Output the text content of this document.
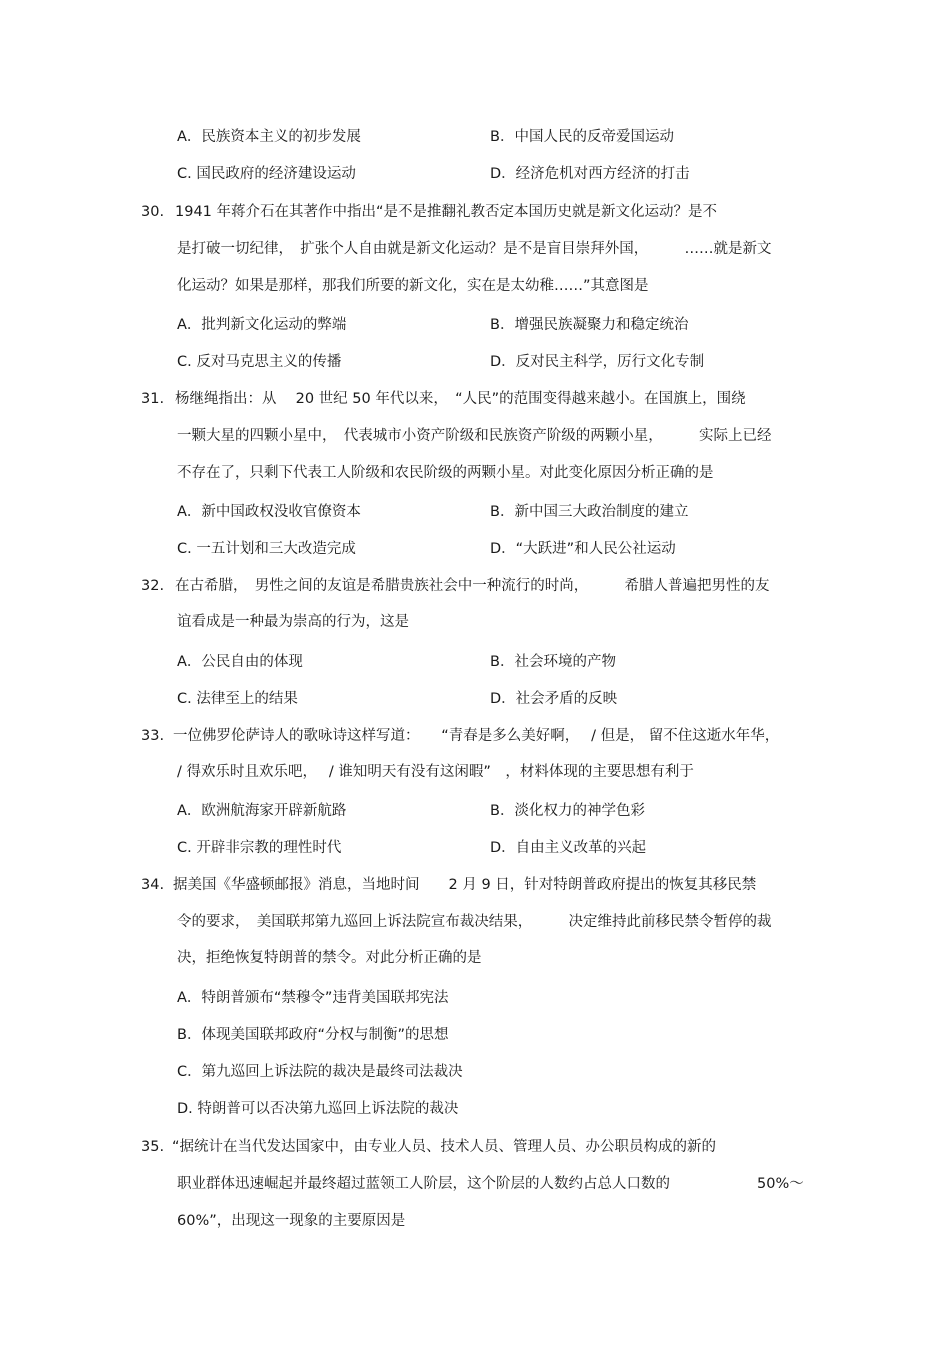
A．民族资本主义的初步发展	B．中国人民的反帝爱国运动
C. 国民政府的经济建设运动	D．经济危机对西方经济的打击
30. 1941 年蒋介石在其著作中指出“是不是推翻礼教否定本国历史就是新文化运动？是不
是打破一切纪律，　扩张个人自由就是新文化运动？是不是盲目崇拜外国，　　　……就是新文
化运动？如果是那样，那我们所要的新文化，实在是太幼稚……”其意图是
A．批判新文化运动的弊端	B．增强民族凝聚力和稳定统治
C. 反对马克思主义的传播	D．反对民主科学，厉行文化专制
31. 杨继绳指出：从　 20 世纪 50 年代以来，　“人民”的范围变得越来越小。在国旗上，围绕
一颗大星的四颗小星中，　代表城市小资产阶级和民族资产阶级的两颗小星，　　　实际上已经
不存在了，只剩下代表工人阶级和农民阶级的两颗小星。对此变化原因分析正确的是
A．新中国政权没收官僚资本	B．新中国三大政治制度的建立
C. 一五计划和三大改造完成	D．“大跃进”和人民公社运动
32. 在古希腊，　男性之间的友谊是希腊贵族社会中一种流行的时尚，　　　希腊人普遍把男性的友
谊看成是一种最为崇高的行为，这是
A．公民自由的体现	B．社会环境的产物
C. 法律至上的结果	D．社会矛盾的反映
33. 一位佛罗伦萨诗人的歌咏诗这样写道：　　“青春是多么美好啊，　 / 但是， 留不住这逝水年华，
/ 得欢乐时且欢乐吧，　 / 谁知明天有没有这闲暇”　，材料体现的主要思想有利于
A．欧洲航海家开辟新航路	B．淡化权力的神学色彩
C. 开辟非宗教的理性时代	D．自由主义改革的兴起
34. 据美国《华盛顿邮报》消息，当地时间　　2 月 9 日，针对特朗普政府提出的恢复其移民禁
令的要求，　美国联邦第九巡回上诉法院宣布裁决结果，　　　决定维持此前移民禁令暂停的裁
决，拒绝恢复特朗普的禁令。对此分析正确的是
A．特朗普颁布“禁穆令”违背美国联邦宪法
B．体现美国联邦政府“分权与制衡”的思想
C．第九巡回上诉法院的裁决是最终司法裁决
D. 特朗普可以否决第九巡回上诉法院的裁决
35. “据统计在当代发达国家中，由专业人员、技术人员、管理人员、办公职员构成的新的
职业群体迅速崛起并最终超过蓝领工人阶层，这个阶层的人数约占总人口数的	50%～
60%”，出现这一现象的主要原因是
